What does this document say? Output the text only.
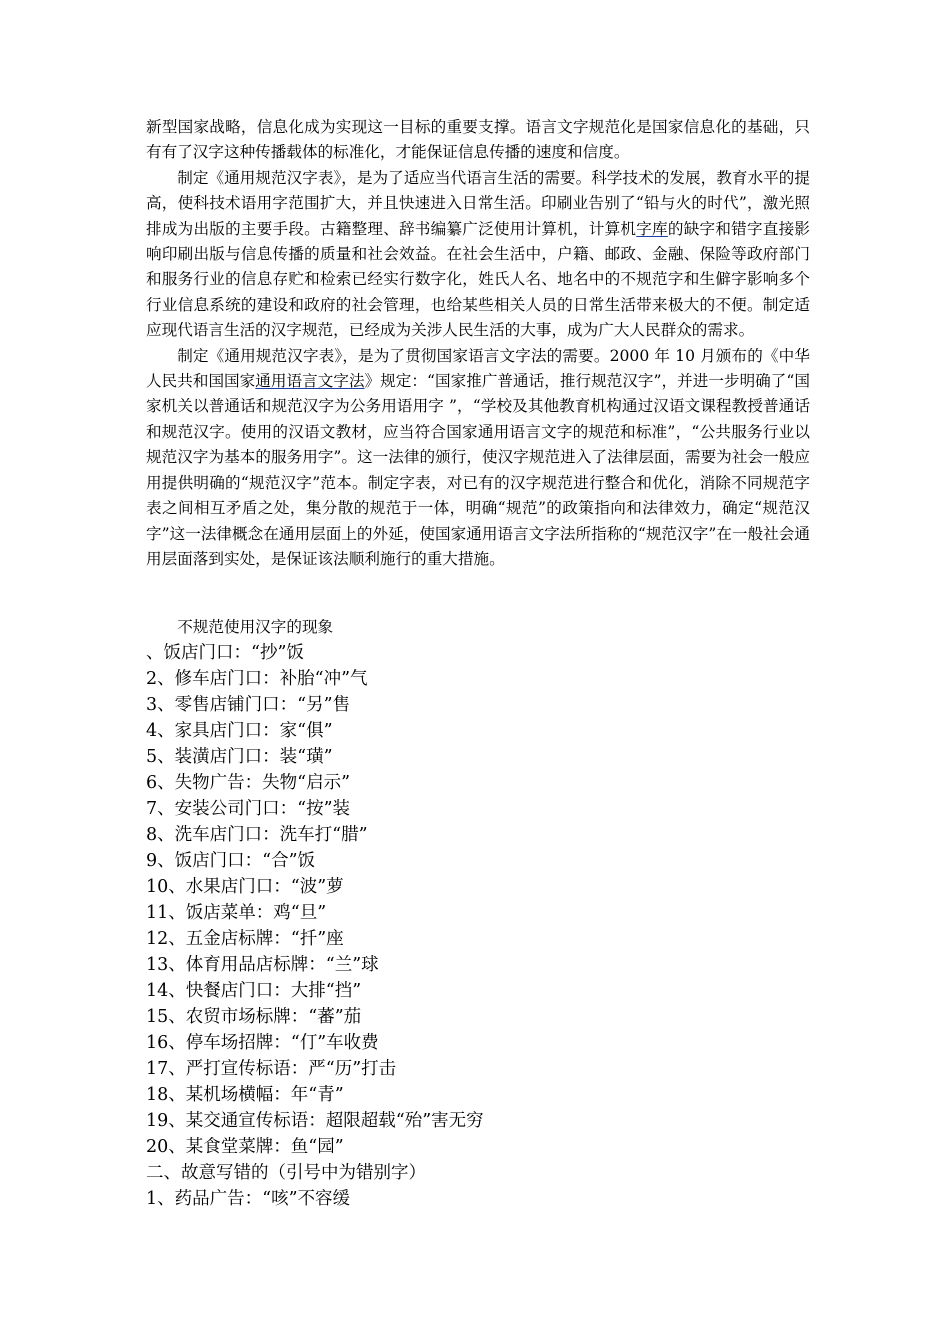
新型国家战略，信息化成为实现这一目标的重要支撑。语言文字规范化是国家信息化的基础，只有有了汉字这种传播载体的标准化，才能保证信息传播的速度和信度。

制定《通用规范汉字表》，是为了适应当代语言生活的需要。科学技术的发展，教育水平的提高，使科技术语用字范围扩大，并且快速进入日常生活。印刷业告别了“铅与火的时代”，激光照排成为出版的主要手段。古籍整理、辞书编纂广泛使用计算机，计算机字库的缺字和错字直接影响印刷出版与信息传播的质量和社会效益。在社会生活中，户籍、邮政、金融、保险等政府部门和服务行业的信息存贮和检索已经实行数字化，姓氏人名、地名中的不规范字和生僻字影响多个行业信息系统的建设和政府的社会管理，也给某些相关人员的日常生活带来极大的不便。制定适应现代语言生活的汉字规范，已经成为关涉人民生活的大事，成为广大人民群众的需求。

制定《通用规范汉字表》，是为了贯彻国家语言文字法的需要。2000 年 10 月颁布的《中华人民共和国国家通用语言文字法》规定：“国家推广普通话，推行规范汉字”，并进一步明确了“国家机关以普通话和规范汉字为公务用语用字 ”，“学校及其他教育机构通过汉语文课程教授普通话和规范汉字。使用的汉语文教材，应当符合国家通用语言文字的规范和标准”，“公共服务行业以规范汉字为基本的服务用字”。这一法律的颁行，使汉字规范进入了法律层面，需要为社会一般应用提供明确的“规范汉字”范本。制定字表，对已有的汉字规范进行整合和优化，消除不同规范字表之间相互矛盾之处，集分散的规范于一体，明确“规范”的政策指向和法律效力，确定“规范汉字”这一法律概念在通用层面上的外延，使国家通用语言文字法所指称的“规范汉字”在一般社会通用层面落到实处，是保证该法顺利施行的重大措施。

不规范使用汉字的现象

、饭店门口：“抄”饭

2、修车店门口：补胎“冲”气

3、零售店铺门口：“另”售

4、家具店门口：家“俱”

5、装潢店门口：装“璜”

6、失物广告：失物“启示”

7、安装公司门口：“按”装

8、洗车店门口：洗车打“腊”

9、饭店门口：“合”饭

10、水果店门口：“波”萝

11、饭店菜单：鸡“旦”

12、五金店标牌：“扦”座

13、体育用品店标牌：“兰”球

14、快餐店门口：大排“挡”

15、农贸市场标牌：“蕃”茄

16、停车场招牌：“仃”车收费

17、严打宣传标语：严“历”打击

18、某机场横幅：年“青”

19、某交通宣传标语：超限超载“殆”害无穷

20、某食堂菜牌：鱼“园”

二、故意写错的（引号中为错别字）

1、药品广告：“咳”不容缓
